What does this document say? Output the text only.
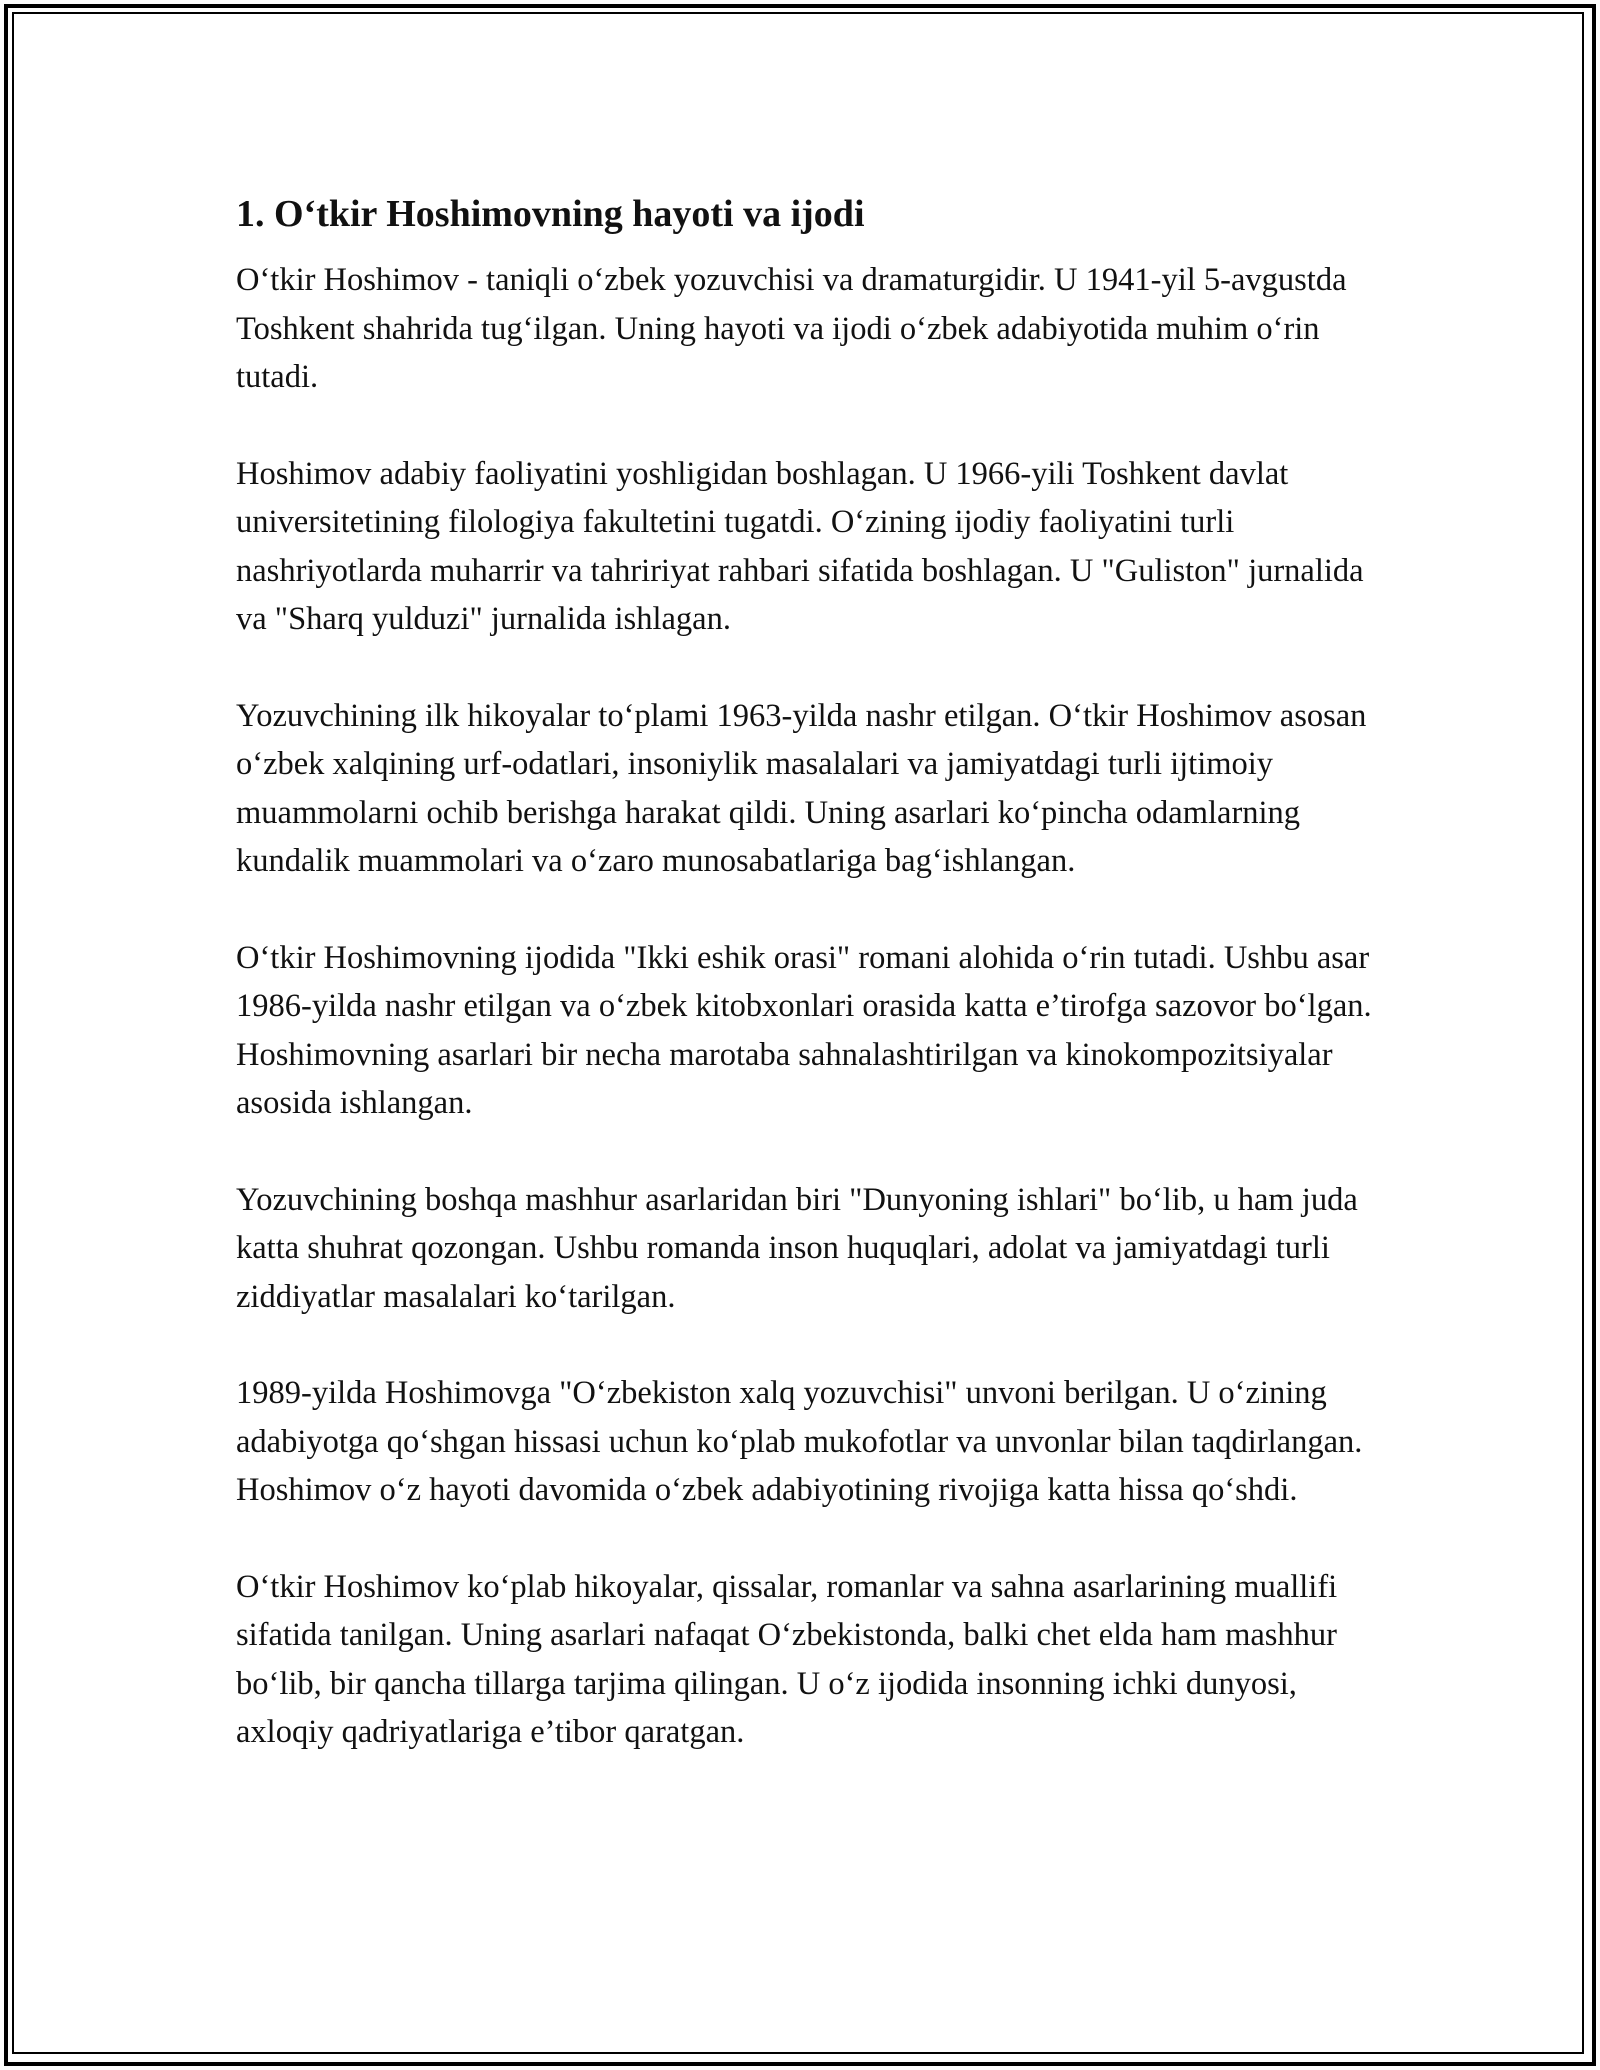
1. O‘tkir Hoshimovning hayoti va ijodi

O‘tkir Hoshimov - taniqli o‘zbek yozuvchisi va dramaturgidir. U 1941-yil 5-avgustda Toshkent shahrida tug‘ilgan. Uning hayoti va ijodi o‘zbek adabiyotida muhim o‘rin tutadi.

Hoshimov adabiy faoliyatini yoshligidan boshlagan. U 1966-yili Toshkent davlat universitetining filologiya fakultetini tugatdi. O‘zining ijodiy faoliyatini turli nashriyotlarda muharrir va tahririyat rahbari sifatida boshlagan. U "Guliston" jurnalida va "Sharq yulduzi" jurnalida ishlagan.

Yozuvchining ilk hikoyalar to‘plami 1963-yilda nashr etilgan. O‘tkir Hoshimov asosan o‘zbek xalqining urf-odatlari, insoniylik masalalari va jamiyatdagi turli ijtimoiy muammolarni ochib berishga harakat qildi. Uning asarlari ko‘pincha odamlarning kundalik muammolari va o‘zaro munosabatlariga bag‘ishlangan.

O‘tkir Hoshimovning ijodida "Ikki eshik orasi" romani alohida o‘rin tutadi. Ushbu asar 1986-yilda nashr etilgan va o‘zbek kitobxonlari orasida katta e’tirofga sazovor bo‘lgan. Hoshimovning asarlari bir necha marotaba sahnalashtirilgan va kinokompozitsiyalar asosida ishlangan.

Yozuvchining boshqa mashhur asarlaridan biri "Dunyoning ishlari" bo‘lib, u ham juda katta shuhrat qozongan. Ushbu romanda inson huquqlari, adolat va jamiyatdagi turli ziddiyatlar masalalari ko‘tarilgan.

1989-yilda Hoshimovga "O‘zbekiston xalq yozuvchisi" unvoni berilgan. U o‘zining adabiyotga qo‘shgan hissasi uchun ko‘plab mukofotlar va unvonlar bilan taqdirlangan. Hoshimov o‘z hayoti davomida o‘zbek adabiyotining rivojiga katta hissa qo‘shdi.

O‘tkir Hoshimov ko‘plab hikoyalar, qissalar, romanlar va sahna asarlarining muallifi sifatida tanilgan. Uning asarlari nafaqat O‘zbekistonda, balki chet elda ham mashhur bo‘lib, bir qancha tillarga tarjima qilingan. U o‘z ijodida insonning ichki dunyosi, axloqiy qadriyatlariga e’tibor qaratgan.
